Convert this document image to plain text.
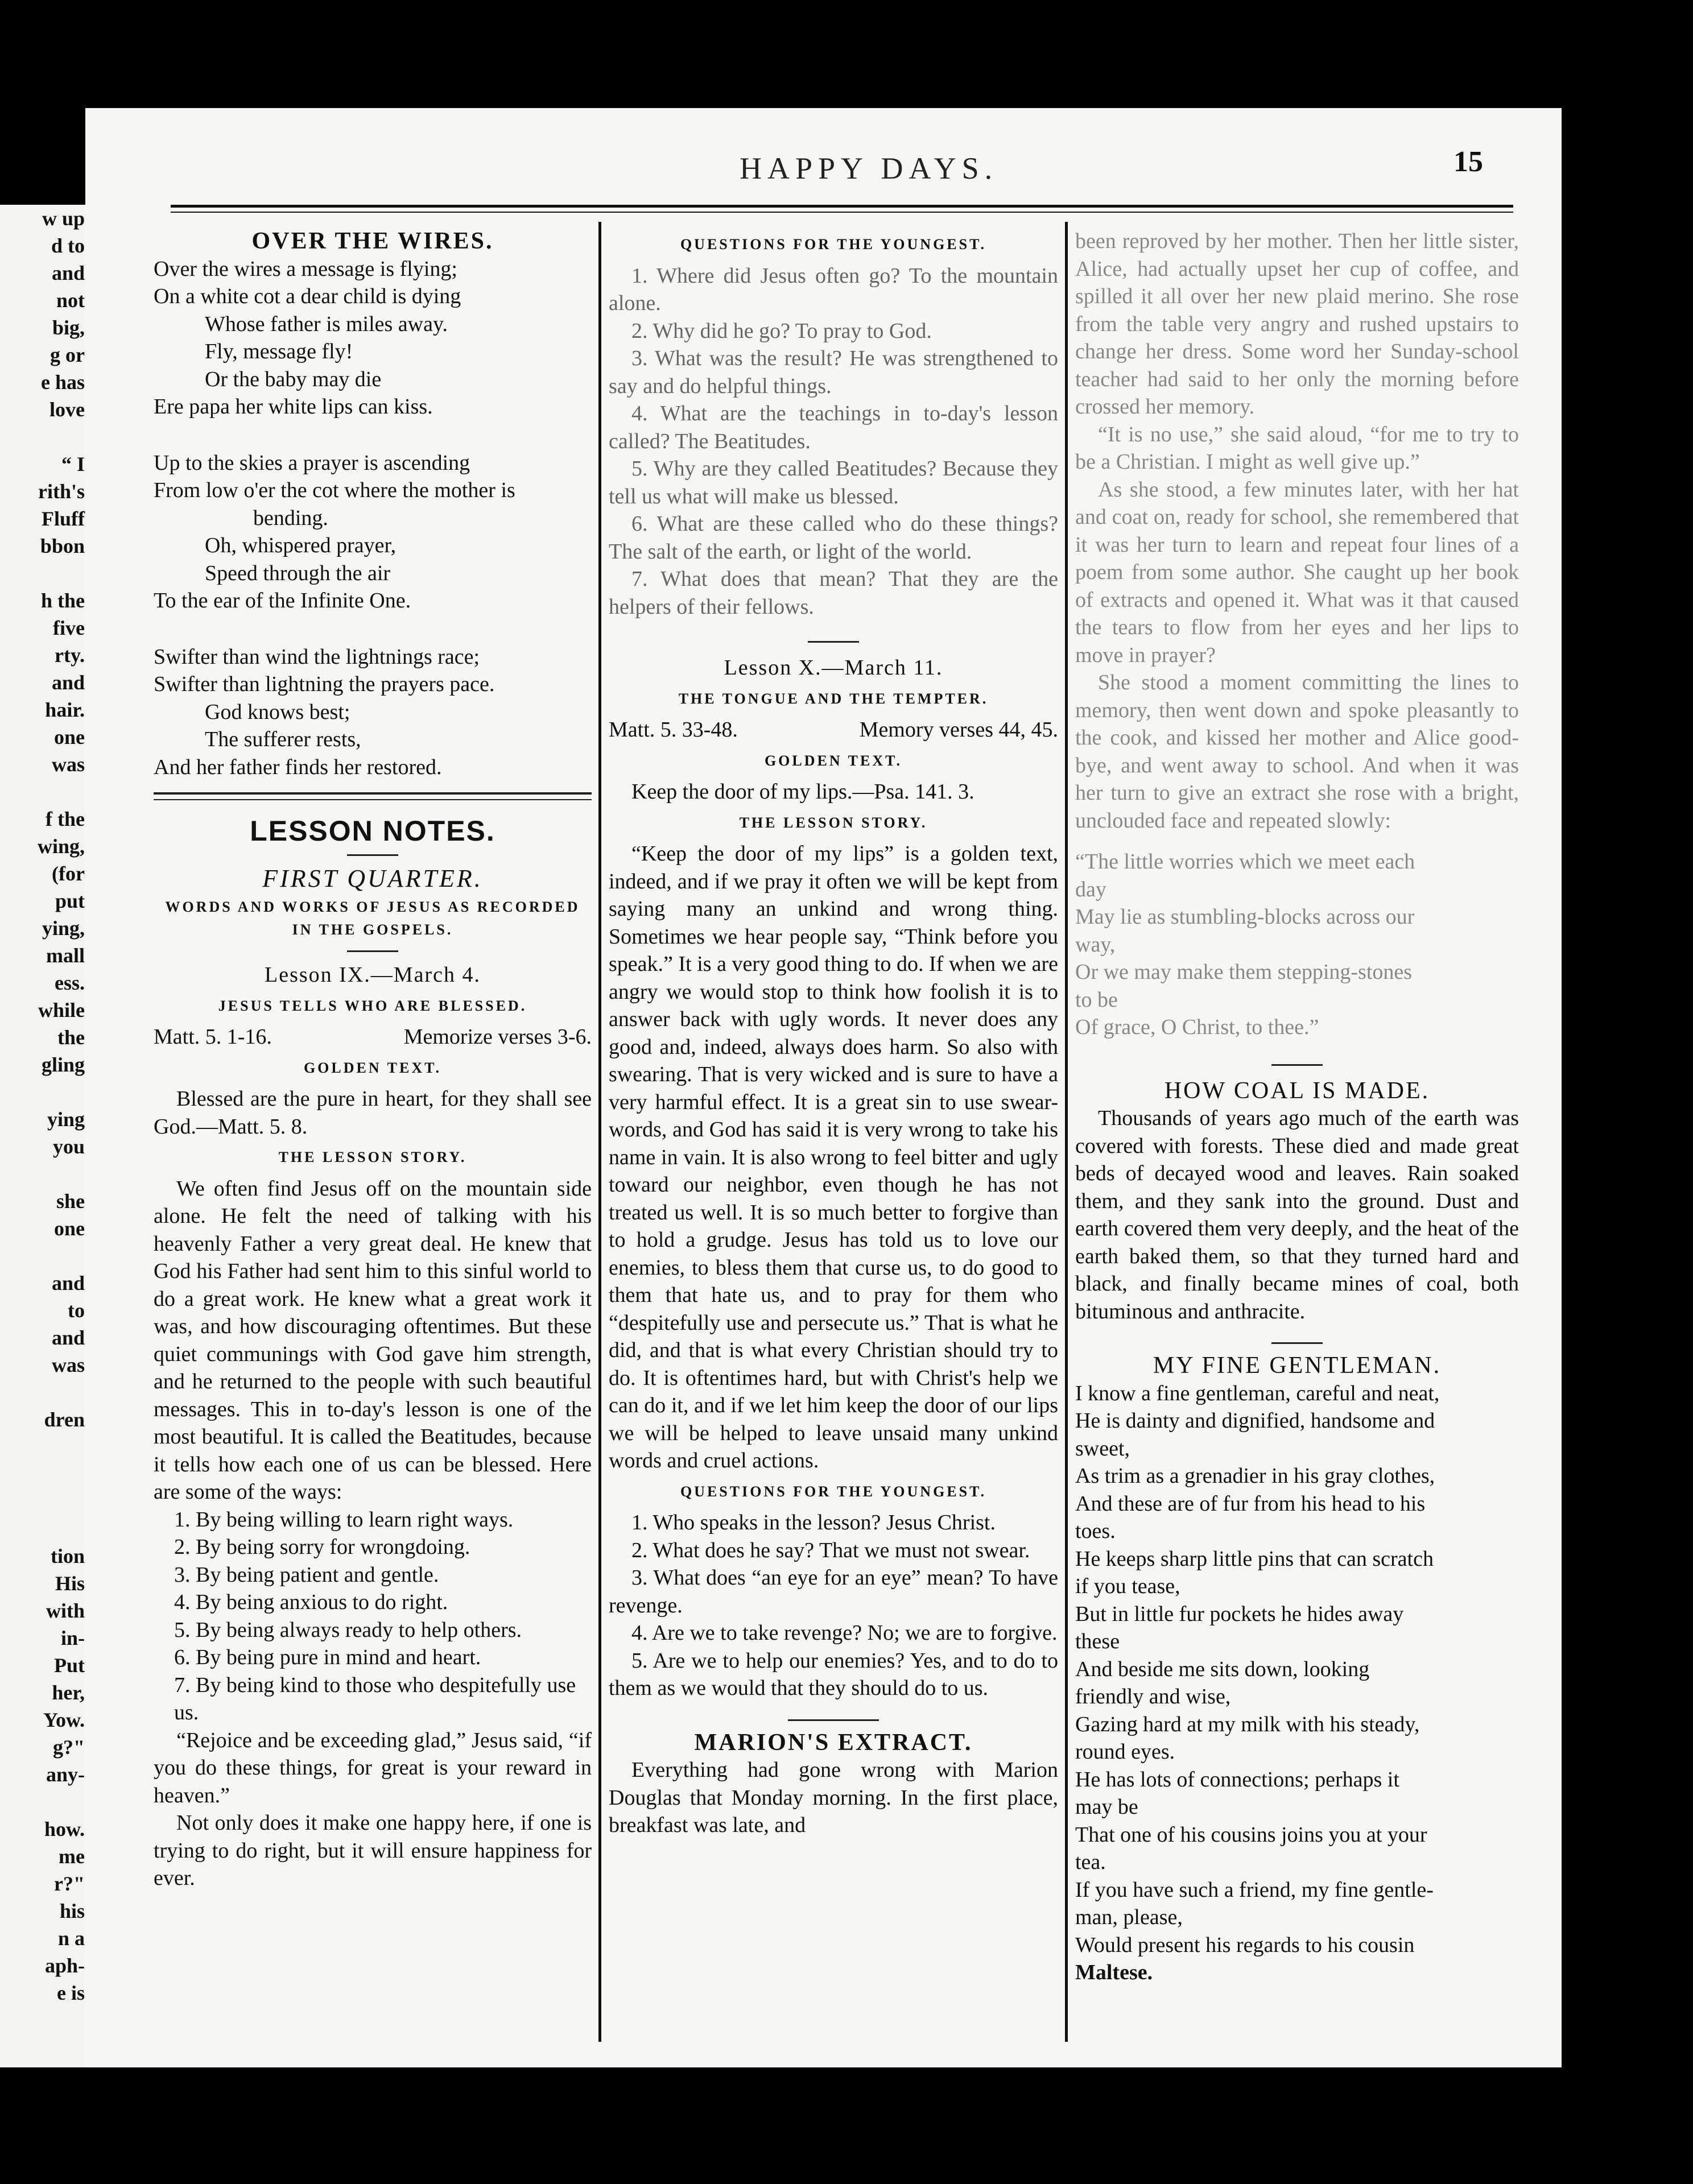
w up
d to
and
not
big,
g or
e has
love
“ I
rith's
Fluff
bbon
h the
five
rty.
and
hair.
one
was
f the
wing,
(for
put
ying,
mall
ess.
while
the
gling
ying
you
she
one
and
to
and
was
dren
tion
His
with
in-
Put
her,
Yow.
g?"
any-
how.
me
r?"
his
n a
aph-
e is
HAPPY DAYS.	15

OVER THE WIRES.

Over the wires a message is flying;

On a white cot a dear child is dying

Whose father is miles away.

Fly, message fly!

Or the baby may die

Ere papa her white lips can kiss.

Up to the skies a prayer is ascending

From low o'er the cot where the mother is

bending.

Oh, whispered prayer,

Speed through the air

To the ear of the Infinite One.

Swifter than wind the lightnings race;

Swifter than lightning the prayers pace.

God knows best;

The sufferer rests,

And her father finds her restored.

LESSON NOTES.

FIRST QUARTER.

WORDS AND WORKS OF JESUS AS RECORDED IN THE GOSPELS.

Lesson IX.—March 4.

JESUS TELLS WHO ARE BLESSED.

Matt. 5. 1-16.	Memorize verses 3-6.

GOLDEN TEXT.

Blessed are the pure in heart, for they shall see God.—Matt. 5. 8.

THE LESSON STORY.

We often find Jesus off on the mountain side alone. He felt the need of talking with his heavenly Father a very great deal. He knew that God his Father had sent him to this sinful world to do a great work. He knew what a great work it was, and how discouraging oftentimes. But these quiet communings with God gave him strength, and he returned to the people with such beautiful messages. This in to-day's lesson is one of the most beautiful. It is called the Beatitudes, because it tells how each one of us can be blessed. Here are some of the ways:

1. By being willing to learn right ways.

2. By being sorry for wrongdoing.

3. By being patient and gentle.

4. By being anxious to do right.

5. By being always ready to help others.

6. By being pure in mind and heart.

7. By being kind to those who despitefully use us.

“Rejoice and be exceeding glad,” Jesus said, “if you do these things, for great is your reward in heaven.”

Not only does it make one happy here, if one is trying to do right, but it will ensure happiness for ever.

QUESTIONS FOR THE YOUNGEST.

1. Where did Jesus often go? To the mountain alone.

2. Why did he go? To pray to God.

3. What was the result? He was strengthened to say and do helpful things.

4. What are the teachings in to-day's lesson called? The Beatitudes.

5. Why are they called Beatitudes? Because they tell us what will make us blessed.

6. What are these called who do these things? The salt of the earth, or light of the world.

7. What does that mean? That they are the helpers of their fellows.

Lesson X.—March 11.

THE TONGUE AND THE TEMPTER.

Matt. 5. 33-48.	Memory verses 44, 45.

GOLDEN TEXT.

Keep the door of my lips.—Psa. 141. 3.

THE LESSON STORY.

“Keep the door of my lips” is a golden text, indeed, and if we pray it often we will be kept from saying many an unkind and wrong thing. Sometimes we hear people say, “Think before you speak.” It is a very good thing to do. If when we are angry we would stop to think how foolish it is to answer back with ugly words. It never does any good and, indeed, always does harm. So also with swearing. That is very wicked and is sure to have a very harmful effect. It is a great sin to use swear-words, and God has said it is very wrong to take his name in vain. It is also wrong to feel bitter and ugly toward our neighbor, even though he has not treated us well. It is so much better to forgive than to hold a grudge. Jesus has told us to love our enemies, to bless them that curse us, to do good to them that hate us, and to pray for them who “despitefully use and persecute us.” That is what he did, and that is what every Christian should try to do. It is oftentimes hard, but with Christ's help we can do it, and if we let him keep the door of our lips we will be helped to leave unsaid many unkind words and cruel actions.

QUESTIONS FOR THE YOUNGEST.

1. Who speaks in the lesson? Jesus Christ.

2. What does he say? That we must not swear.

3. What does “an eye for an eye” mean? To have revenge.

4. Are we to take revenge? No; we are to forgive.

5. Are we to help our enemies? Yes, and to do to them as we would that they should do to us.

MARION'S EXTRACT.

Everything had gone wrong with Marion Douglas that Monday morning. In the first place, breakfast was late, and

been reproved by her mother. Then her little sister, Alice, had actually upset her cup of coffee, and spilled it all over her new plaid merino. She rose from the table very angry and rushed upstairs to change her dress. Some word her Sunday-school teacher had said to her only the morning before crossed her memory.

“It is no use,” she said aloud, “for me to try to be a Christian. I might as well give up.”

As she stood, a few minutes later, with her hat and coat on, ready for school, she remembered that it was her turn to learn and repeat four lines of a poem from some author. She caught up her book of extracts and opened it. What was it that caused the tears to flow from her eyes and her lips to move in prayer?

She stood a moment committing the lines to memory, then went down and spoke pleasantly to the cook, and kissed her mother and Alice good-bye, and went away to school. And when it was her turn to give an extract she rose with a bright, unclouded face and repeated slowly:

“The little worries which we meet each

day

May lie as stumbling-blocks across our

way,

Or we may make them stepping-stones

to be

Of grace, O Christ, to thee.”

HOW COAL IS MADE.

Thousands of years ago much of the earth was covered with forests. These died and made great beds of decayed wood and leaves. Rain soaked them, and they sank into the ground. Dust and earth covered them very deeply, and the heat of the earth baked them, so that they turned hard and black, and finally became mines of coal, both bituminous and anthracite.

MY FINE GENTLEMAN.

I know a fine gentleman, careful and neat,

He is dainty and dignified, handsome and

sweet,

As trim as a grenadier in his gray clothes,

And these are of fur from his head to his

toes.

He keeps sharp little pins that can scratch

if you tease,

But in little fur pockets he hides away

these

And beside me sits down, looking

friendly and wise,

Gazing hard at my milk with his steady,

round eyes.

He has lots of connections; perhaps it

may be

That one of his cousins joins you at your

tea.

If you have such a friend, my fine gentle-

man, please,

Would present his regards to his cousin

Maltese.
